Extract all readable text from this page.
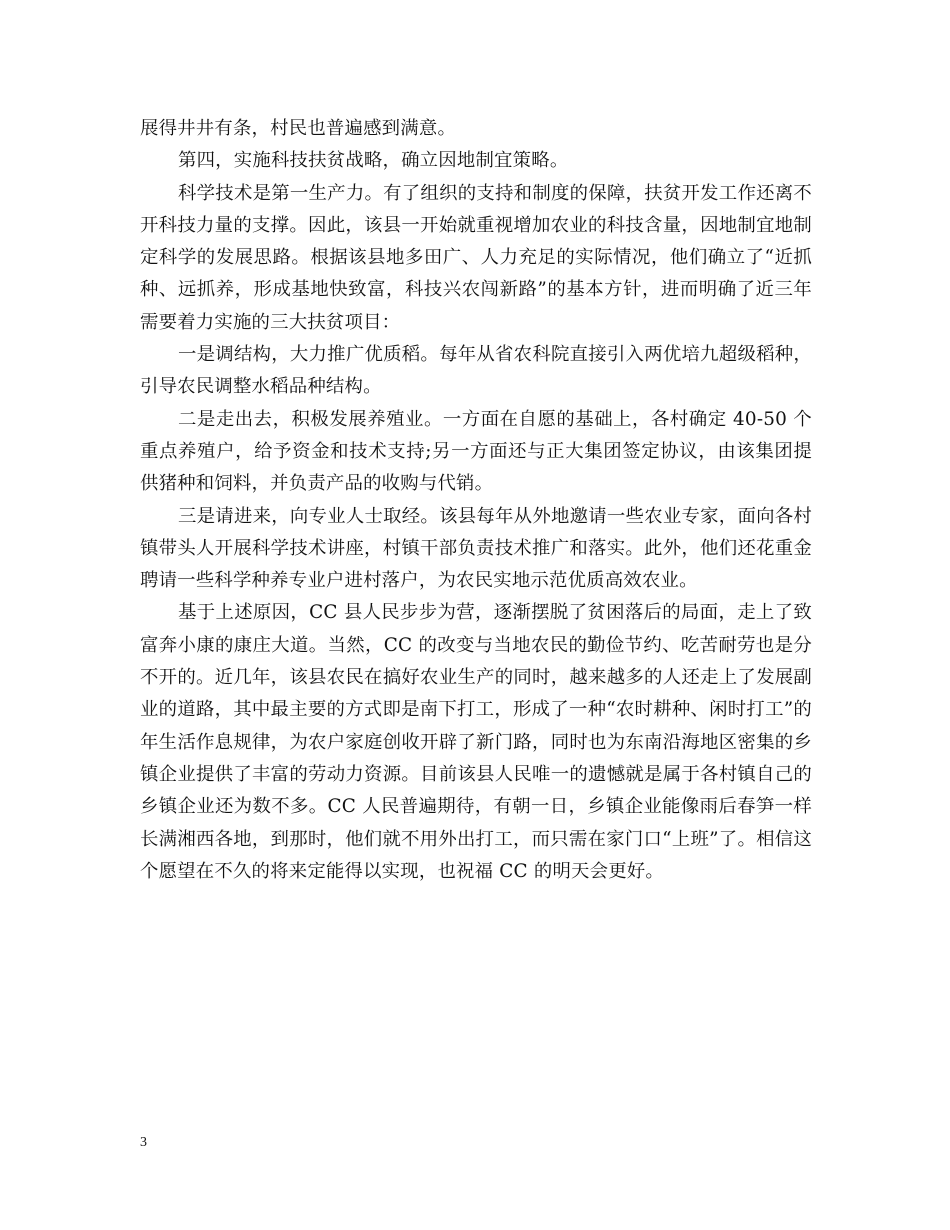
展得井井有条，村民也普遍感到满意。

第四，实施科技扶贫战略，确立因地制宜策略。

科学技术是第一生产力。有了组织的支持和制度的保障，扶贫开发工作还离不开科技力量的支撑。因此，该县一开始就重视增加农业的科技含量，因地制宜地制定科学的发展思路。根据该县地多田广、人力充足的实际情况，他们确立了“近抓种、远抓养，形成基地快致富，科技兴农闯新路”的基本方针，进而明确了近三年需要着力实施的三大扶贫项目：

一是调结构，大力推广优质稻。每年从省农科院直接引入两优培九超级稻种，引导农民调整水稻品种结构。

二是走出去，积极发展养殖业。一方面在自愿的基础上，各村确定 40-50 个重点养殖户，给予资金和技术支持;另一方面还与正大集团签定协议，由该集团提供猪种和饲料，并负责产品的收购与代销。

三是请进来，向专业人士取经。该县每年从外地邀请一些农业专家，面向各村镇带头人开展科学技术讲座，村镇干部负责技术推广和落实。此外，他们还花重金聘请一些科学种养专业户进村落户，为农民实地示范优质高效农业。

基于上述原因，CC 县人民步步为营，逐渐摆脱了贫困落后的局面，走上了致富奔小康的康庄大道。当然，CC 的改变与当地农民的勤俭节约、吃苦耐劳也是分不开的。近几年，该县农民在搞好农业生产的同时，越来越多的人还走上了发展副业的道路，其中最主要的方式即是南下打工，形成了一种“农时耕种、闲时打工”的年生活作息规律，为农户家庭创收开辟了新门路，同时也为东南沿海地区密集的乡镇企业提供了丰富的劳动力资源。目前该县人民唯一的遗憾就是属于各村镇自己的乡镇企业还为数不多。CC 人民普遍期待，有朝一日，乡镇企业能像雨后春笋一样长满湘西各地，到那时，他们就不用外出打工，而只需在家门口“上班”了。相信这个愿望在不久的将来定能得以实现，也祝福 CC 的明天会更好。

3
